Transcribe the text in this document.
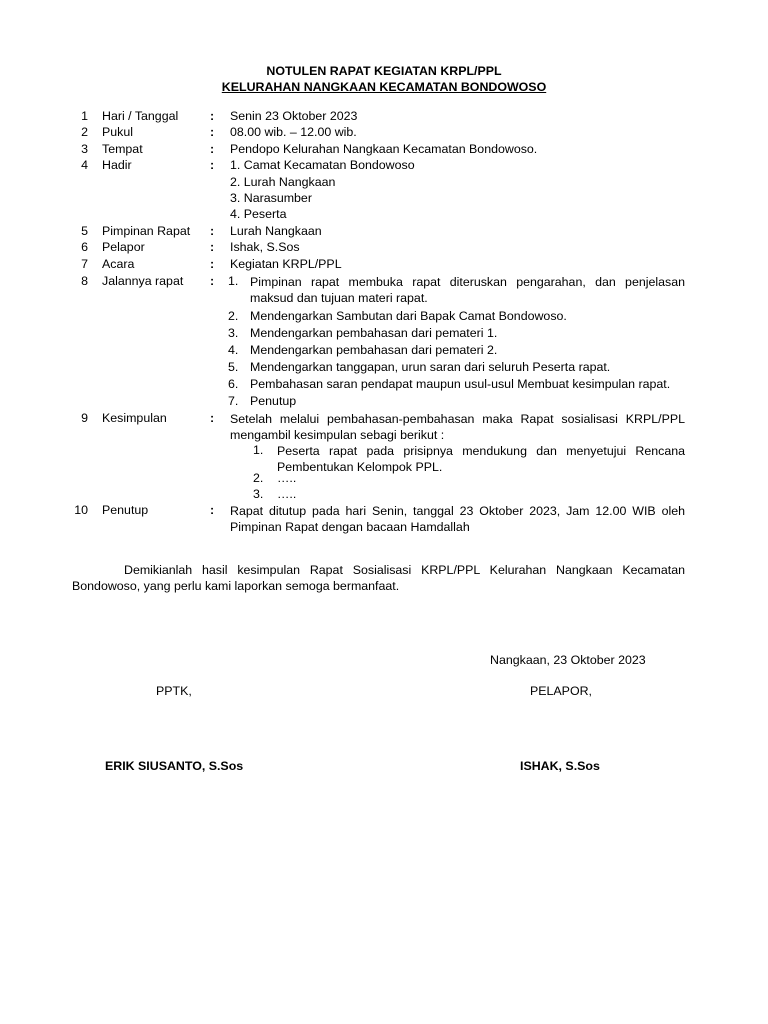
NOTULEN RAPAT KEGIATAN KRPL/PPL
KELURAHAN NANGKAAN KECAMATAN BONDOWOSO
1 Hari / Tanggal	: Senin 23 Oktober 2023
2 Pukul	: 08.00 wib. – 12.00 wib.
3 Tempat	: Pendopo Kelurahan Nangkaan Kecamatan Bondowoso.
4 Hadir	: 1. Camat Kecamatan Bondowoso
2. Lurah Nangkaan
3. Narasumber
4. Peserta
5 Pimpinan Rapat : Lurah Nangkaan
6 Pelapor	: Ishak, S.Sos
7 Acara	: Kegiatan KRPL/PPL
8 Jalannya rapat : 1. Pimpinan rapat membuka rapat diteruskan pengarahan, dan penjelasan maksud dan tujuan materi rapat.
2. Mendengarkan Sambutan dari Bapak Camat Bondowoso.
3. Mendengarkan pembahasan dari pemateri 1.
4. Mendengarkan pembahasan dari pemateri 2.
5. Mendengarkan tanggapan, urun saran dari seluruh Peserta rapat.
6. Pembahasan saran pendapat maupun usul-usul Membuat kesimpulan rapat.
7. Penutup
9 Kesimpulan	: Setelah melalui pembahasan-pembahasan maka Rapat sosialisasi KRPL/PPL mengambil kesimpulan sebagi berikut :
1. Peserta rapat pada prisipnya mendukung dan menyetujui Rencana Pembentukan Kelompok PPL.
2. …..
3. …..
10 Penutup	: Rapat ditutup pada hari Senin, tanggal 23 Oktober 2023, Jam 12.00 WIB oleh Pimpinan Rapat dengan bacaan Hamdallah
Demikianlah hasil kesimpulan Rapat Sosialisasi KRPL/PPL Kelurahan Nangkaan Kecamatan Bondowoso, yang perlu kami laporkan semoga bermanfaat.
Nangkaan, 23 Oktober 2023
PPTK,	PELAPOR,
ERIK SIUSANTO, S.Sos	ISHAK, S.Sos
